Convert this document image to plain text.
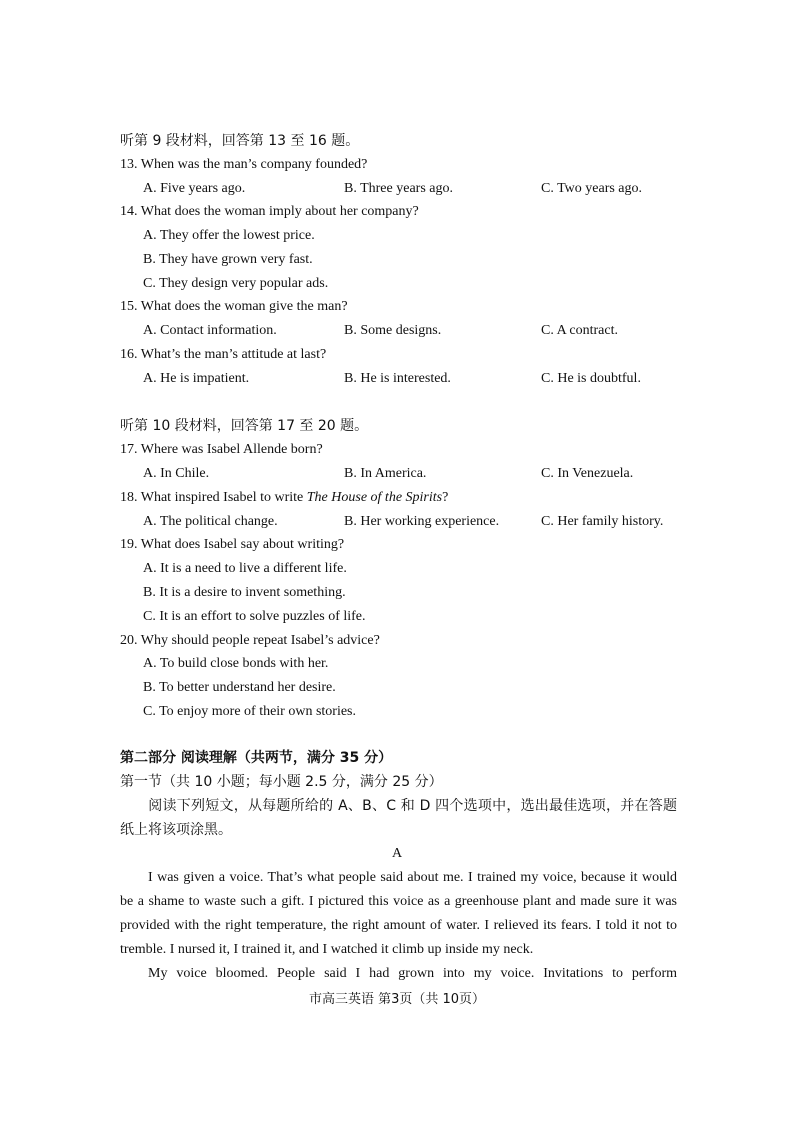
听第 9 段材料，回答第 13 至 16 题。
13. When was the man’s company founded?
A. Five years ago.	B. Three years ago.	C. Two years ago.
14. What does the woman imply about her company?
A. They offer the lowest price.
B. They have grown very fast.
C. They design very popular ads.
15. What does the woman give the man?
A. Contact information.	B. Some designs.	C. A contract.
16. What’s the man’s attitude at last?
A. He is impatient.	B. He is interested.	C. He is doubtful.
听第 10 段材料，回答第 17 至 20 题。
17. Where was Isabel Allende born?
A. In Chile.	B. In America.	C. In Venezuela.
18. What inspired Isabel to write The House of the Spirits?
A. The political change.	B. Her working experience.	C. Her family history.
19. What does Isabel say about writing?
A. It is a need to live a different life.
B. It is a desire to invent something.
C. It is an effort to solve puzzles of life.
20. Why should people repeat Isabel’s advice?
A. To build close bonds with her.
B. To better understand her desire.
C. To enjoy more of their own stories.
第二部分 阅读理解（共两节，满分 35 分）
第一节（共 10 小题；每小题 2.5 分，满分 25 分）
阅读下列短文，从每题所给的 A、B、C 和 D 四个选项中，选出最佳选项，并在答题纸上将该项涂黑。
A
I was given a voice. That’s what people said about me. I trained my voice, because it would be a shame to waste such a gift. I pictured this voice as a greenhouse plant and made sure it was provided with the right temperature, the right amount of water. I relieved its fears. I told it not to tremble. I nursed it, I trained it, and I watched it climb up inside my neck.
My voice bloomed. People said I had grown into my voice. Invitations to perform
市高三英语 第3页（共 10页）
